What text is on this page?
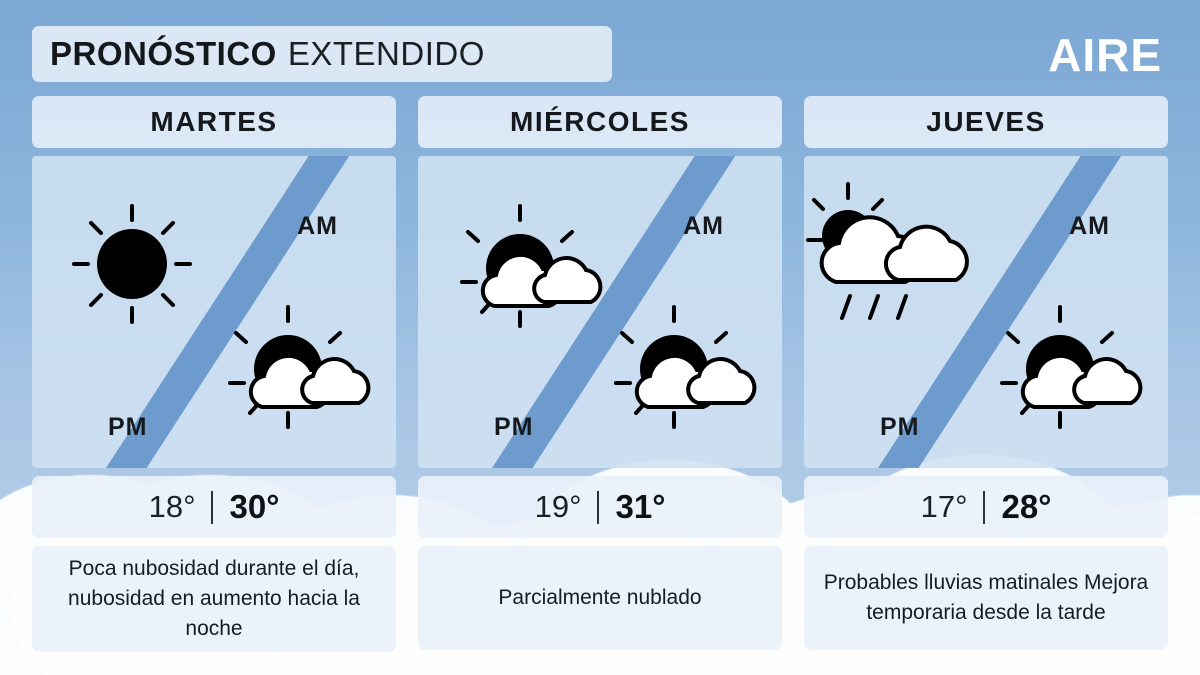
PRONÓSTICO EXTENDIDO	AIRE
MARTES
AM
PM
18° 30°
Poca nubosidad durante el día, nubosidad en aumento hacia la noche
MIÉRCOLES
AM
PM
19° 31°
Parcialmente nublado
JUEVES
AM
PM
17° 28°
Probables lluvias matinales Mejora temporaria desde la tarde
